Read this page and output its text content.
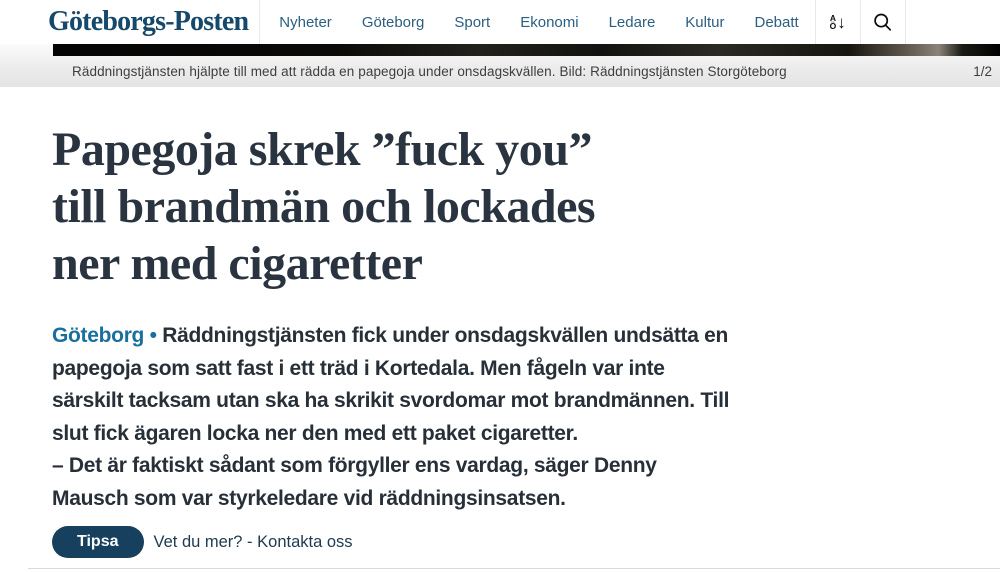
Göteborgs-Posten Nyheter Göteborg Sport Ekonomi Ledare Kultur Debatt	A
Ö ↓
Räddningstjänsten hjälpte till med att rädda en papegoja under onsdagskvällen. Bild: Räddningstjänsten Storgöteborg	1/2
Papegoja skrek ”fuck you”
till brandmän och lockades
ner med cigaretter

Göteborg • Räddningstjänsten fick under onsdagskvällen undsätta en papegoja som satt fast i ett träd i Kortedala. Men fågeln var inte särskilt tacksam utan ska ha skrikit svordomar mot brandmännen. Till slut fick ägaren locka ner den med ett paket cigaretter.

– Det är faktiskt sådant som förgyller ens vardag, säger Denny Mausch som var styrkeledare vid räddningsinsatsen.

Tipsa	Vet du mer? - Kontakta oss
